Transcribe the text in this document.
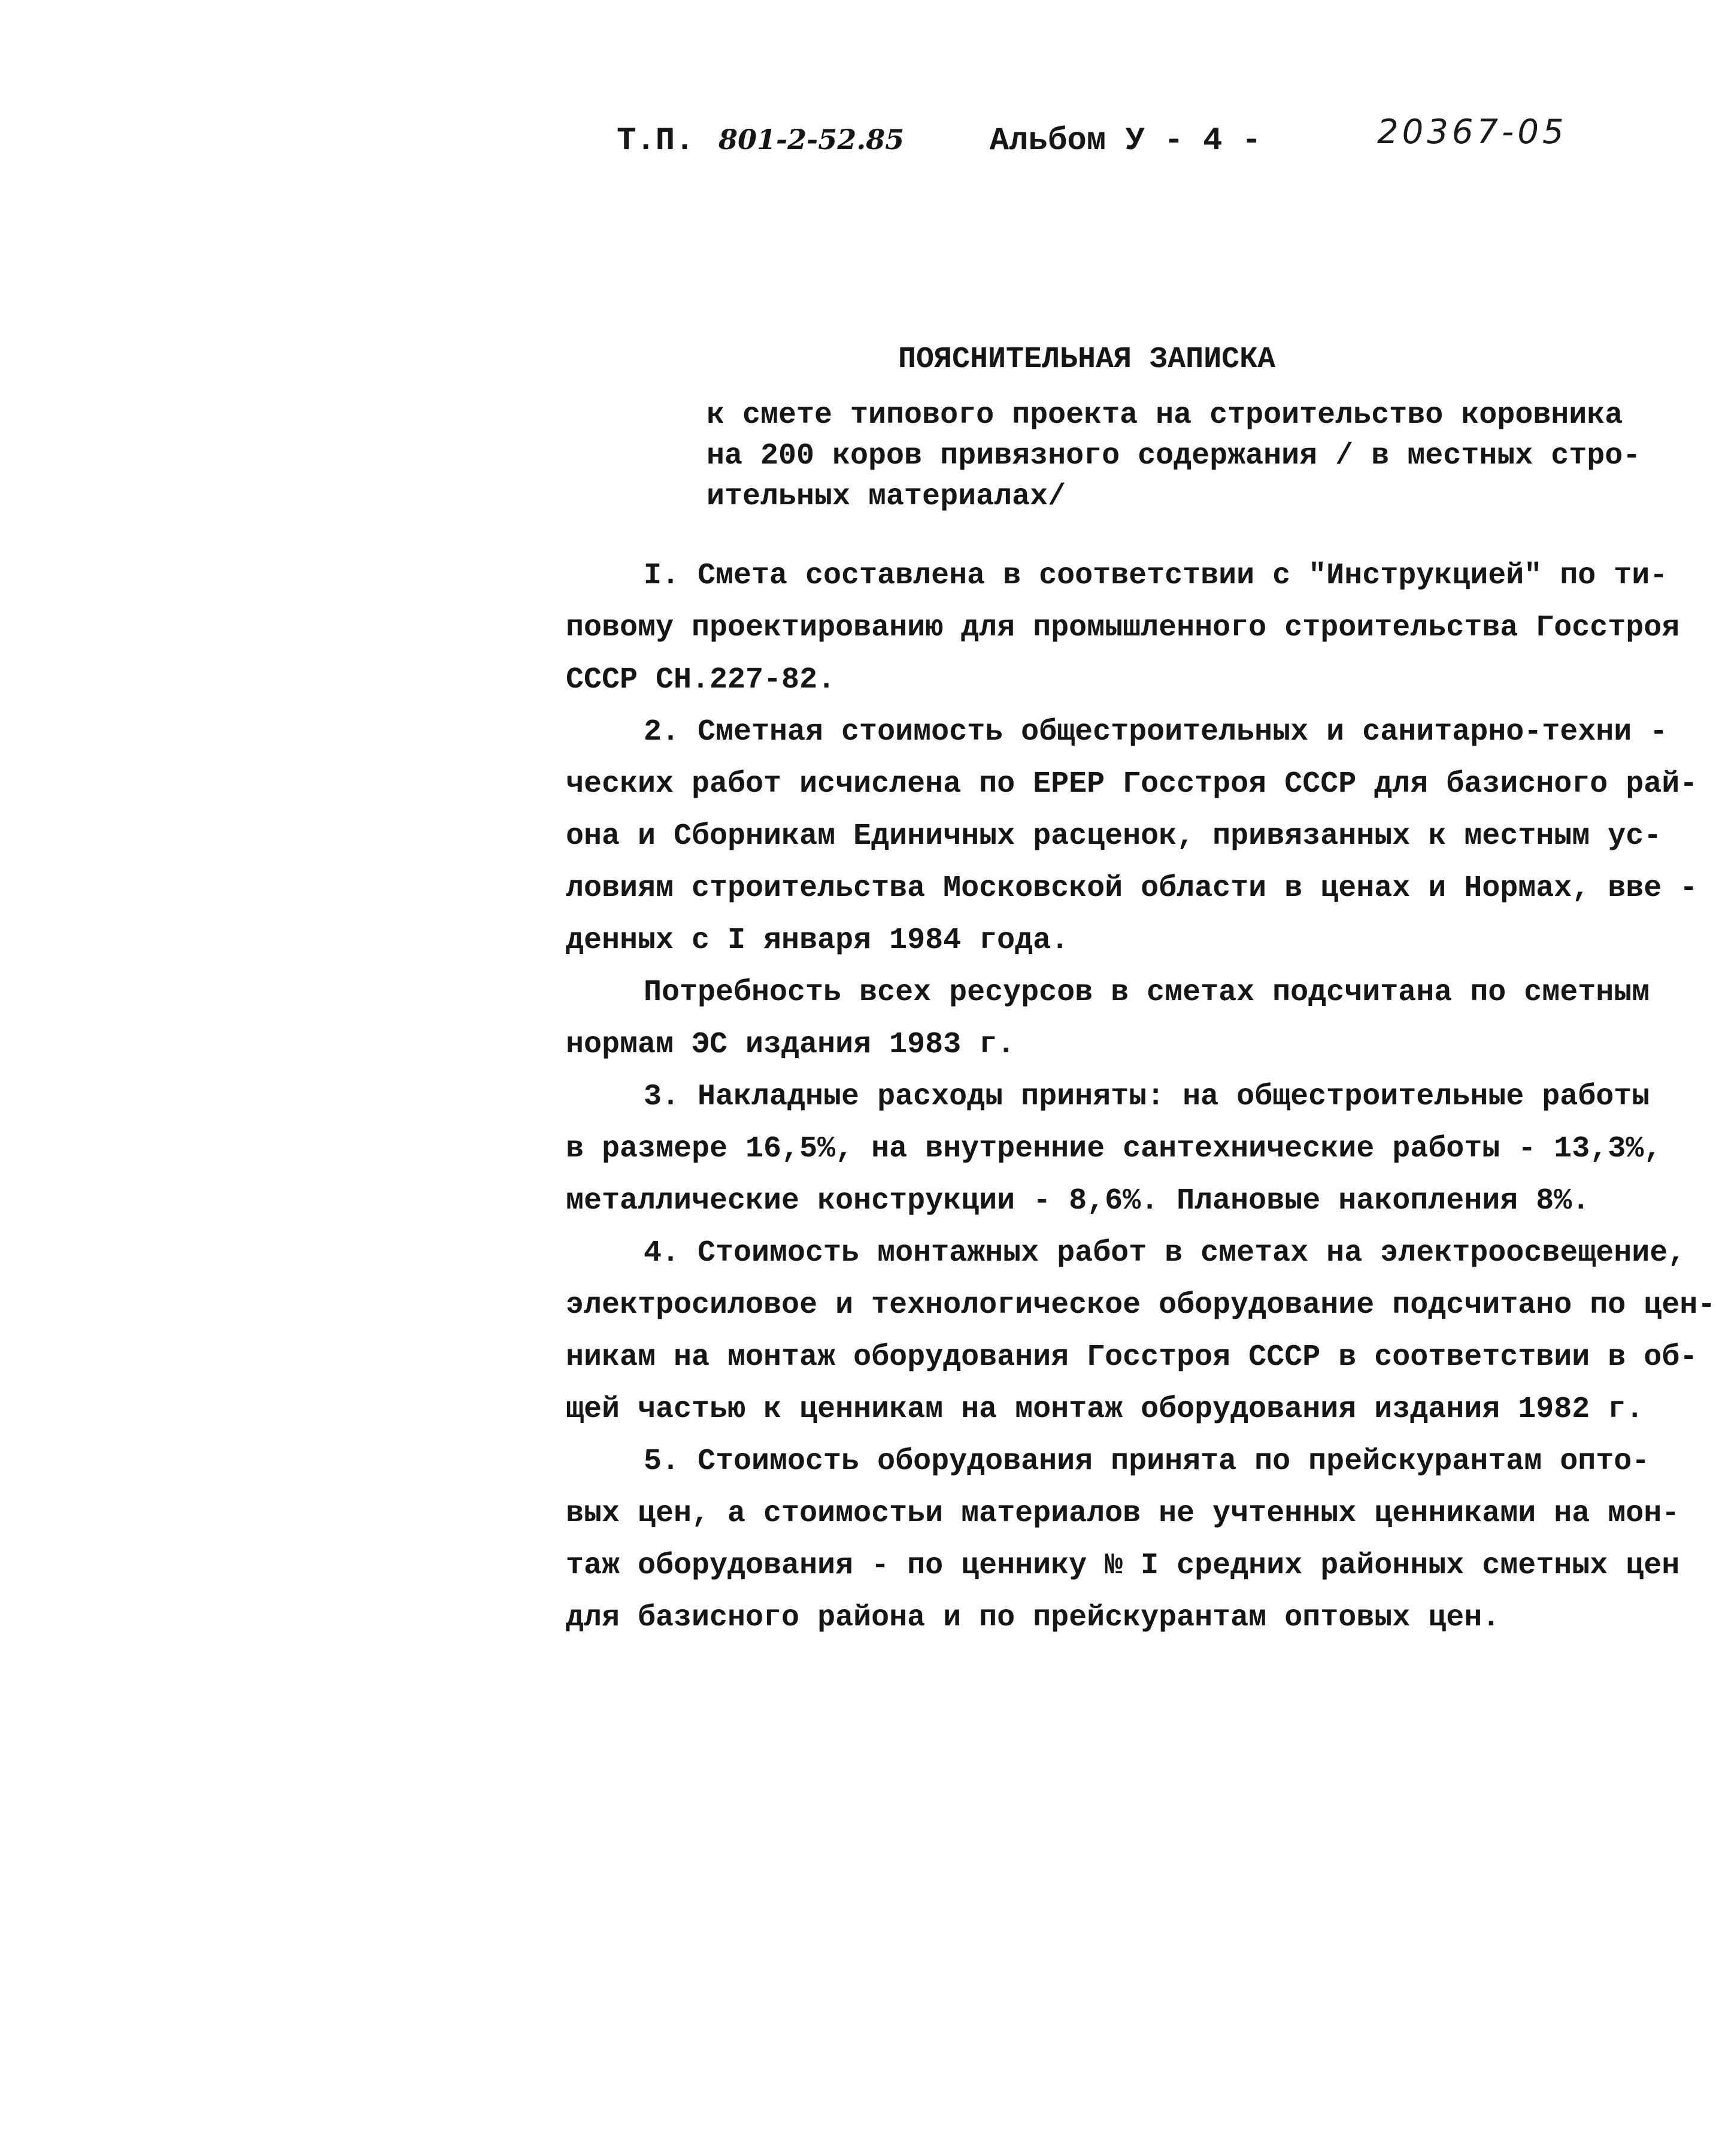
Т.П. 801-2-52.85	Альбом У - 4 -	20367-05
ПОЯСНИТЕЛЬНАЯ ЗАПИСКА
к смете типового проекта на строительство коровника
на 200 коров привязного содержания / в местных стро-
ительных материалах/

I. Смета составлена в соответствии с "Инструкцией" по ти-
повому проектированию для промышленного строительства Госстроя
СССР СН.227-82.

2. Сметная стоимость общестроительных и санитарно-техни -
ческих работ исчислена по ЕРЕР Госстроя СССР для базисного рай-
она и Сборникам Единичных расценок, привязанных к местным ус-
ловиям строительства Московской области в ценах и Нормах, вве -
денных с I января 1984 года.

Потребность всех ресурсов в сметах подсчитана по сметным
нормам ЭС издания 1983 г.

3. Накладные расходы приняты: на общестроительные работы
в размере 16,5%, на внутренние сантехнические работы - 13,3%,
металлические конструкции - 8,6%. Плановые накопления 8%.

4. Стоимость монтажных работ в сметах на электроосвещение,
электросиловое и технологическое оборудование подсчитано по цен-
никам на монтаж оборудования Госстроя СССР в соответствии в об-
щей частью к ценникам на монтаж оборудования издания 1982 г.

5. Стоимость оборудования принята по прейскурантам опто-
вых цен, а стоимостьи материалов не учтенных ценниками на мон-
таж оборудования - по ценнику № I средних районных сметных цен
для базисного района и по прейскурантам оптовых цен.
